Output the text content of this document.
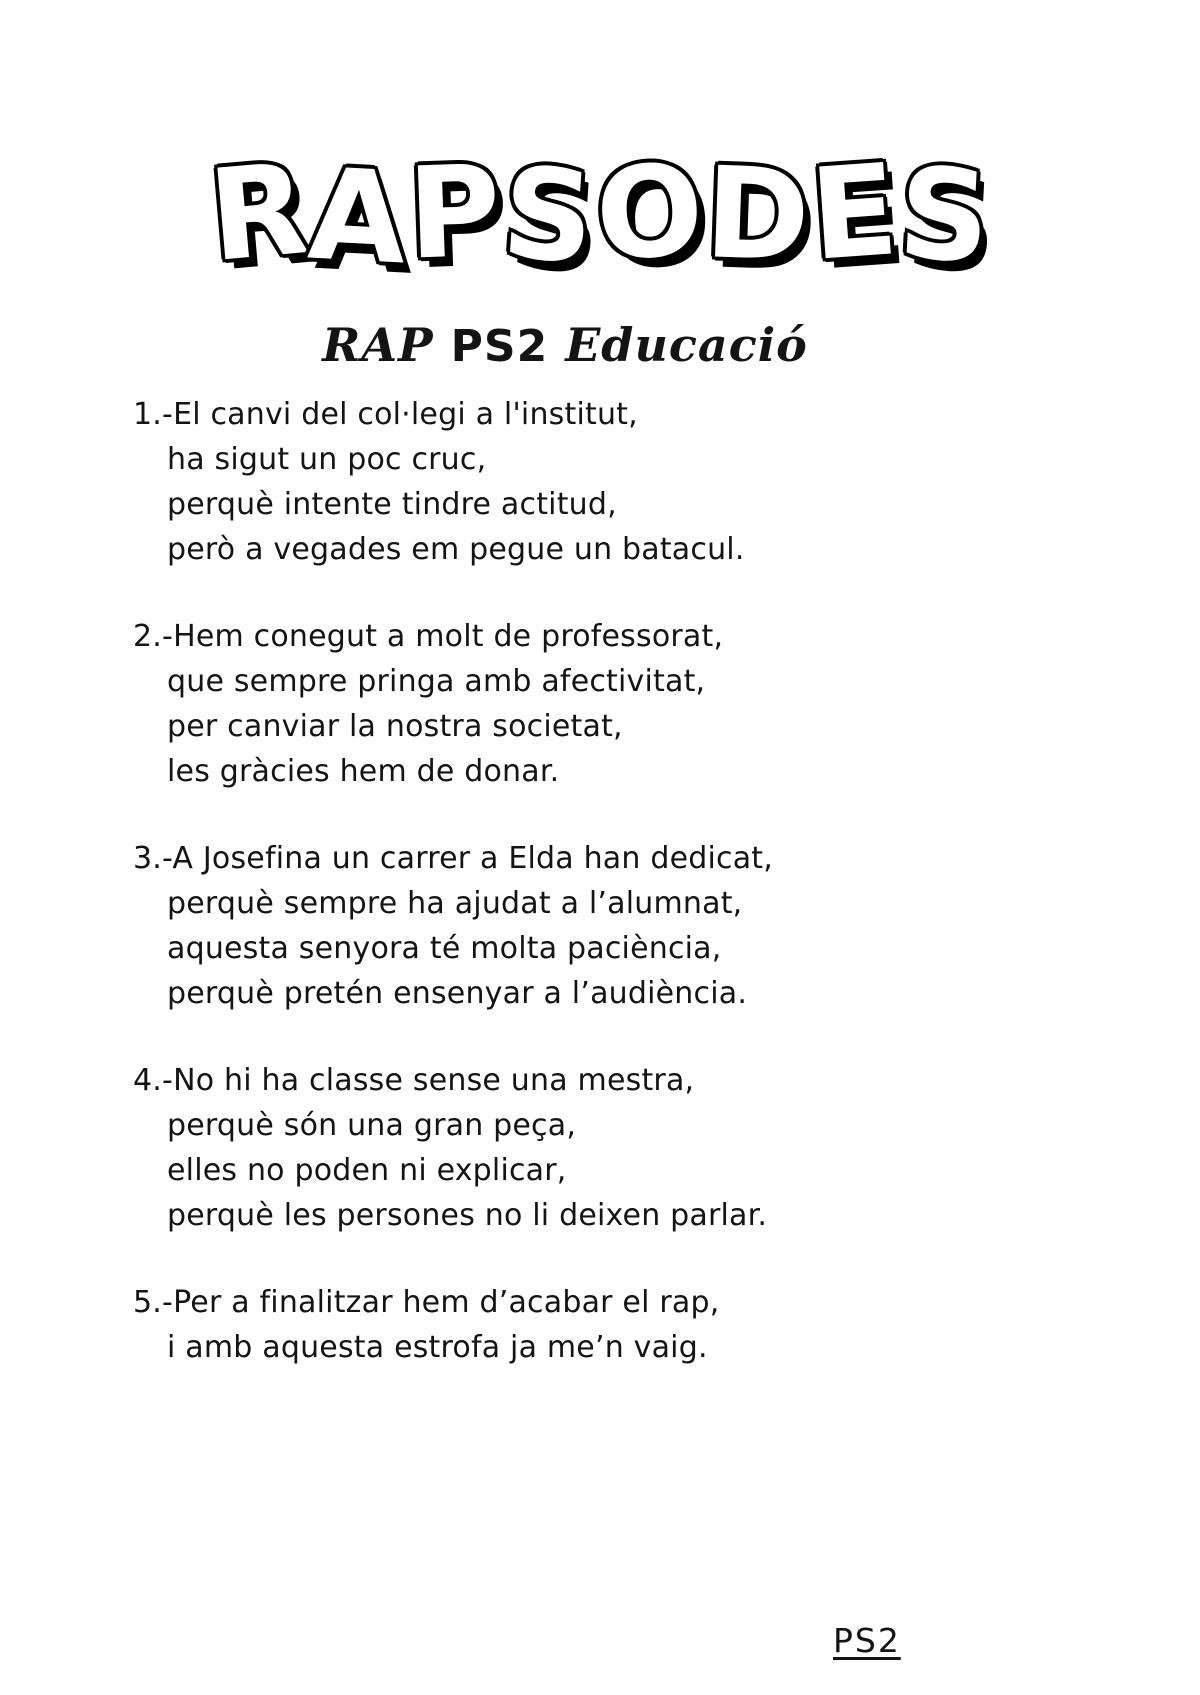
RAPSODES
RAP PS2 Educació
1.-El canvi del col·legi a l'institut,
ha sigut un poc cruc,
perquè intente tindre actitud,
però a vegades em pegue un batacul.
2.-Hem conegut a molt de professorat,
que sempre pringa amb afectivitat,
per canviar la nostra societat,
les gràcies hem de donar.
3.-A Josefina un carrer a Elda han dedicat,
perquè sempre ha ajudat a l’alumnat,
aquesta senyora té molta paciència,
perquè pretén ensenyar a l’audiència.
4.-No hi ha classe sense una mestra,
perquè són una gran peça,
elles no poden ni explicar,
perquè les persones no li deixen parlar.
5.-Per a finalitzar hem d’acabar el rap,
i amb aquesta estrofa ja me’n vaig.
PS2
